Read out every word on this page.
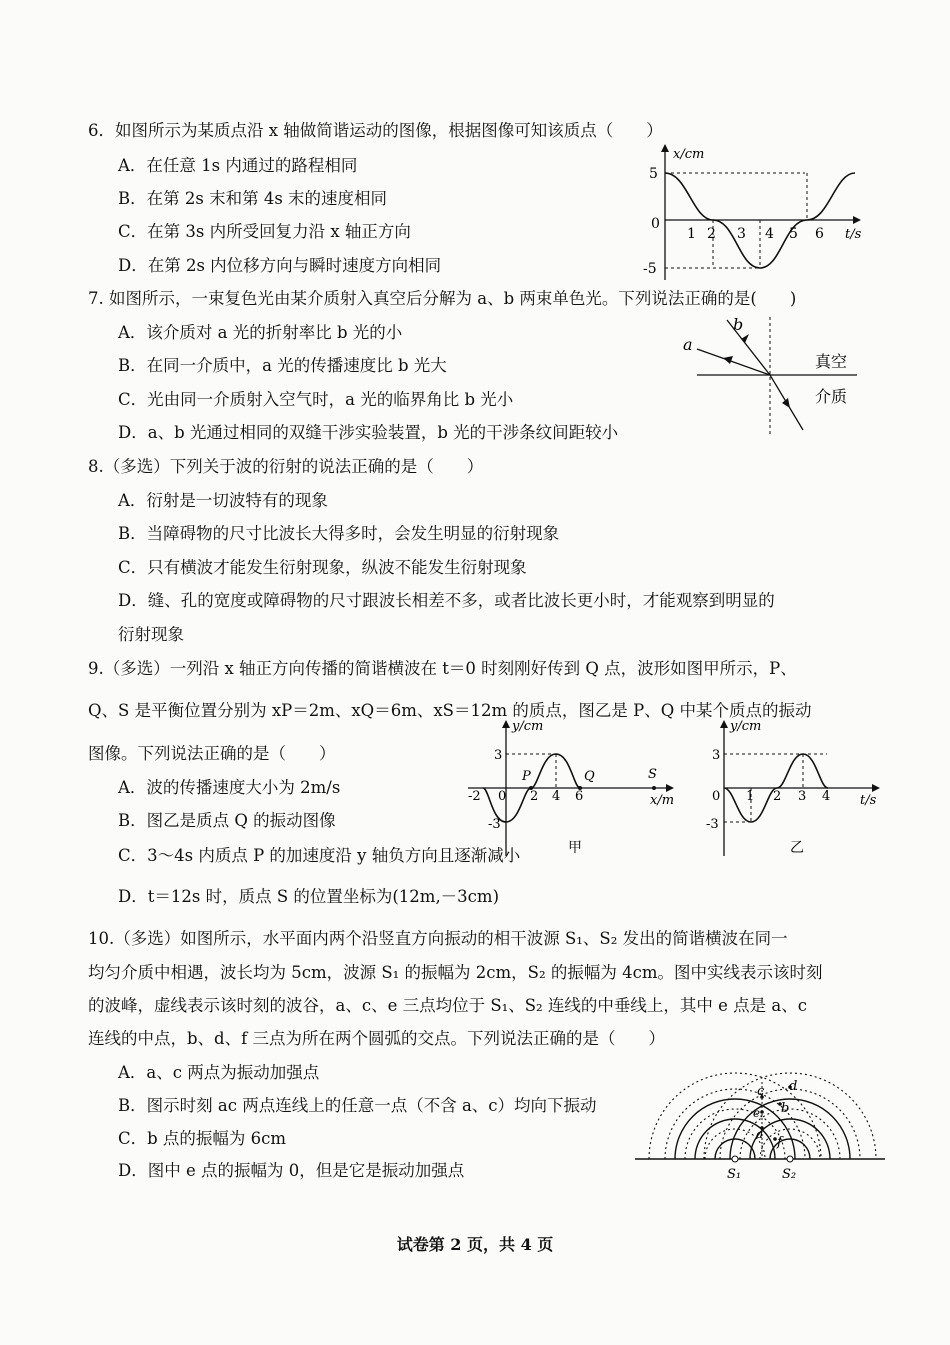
6．如图所示为某质点沿 x 轴做简谐运动的图像，根据图像可知该质点（　　）
A．在任意 1s 内通过的路程相同
B．在第 2s 末和第 4s 末的速度相同
C．在第 3s 内所受回复力沿 x 轴正方向
D．在第 2s 内位移方向与瞬时速度方向相同
x/cm
t/s
5
0
-5
1 2 3 4 5 6
7. 如图所示，一束复色光由某介质射入真空后分解为 a、b 两束单色光。下列说法正确的是(　　)
A．该介质对 a 光的折射率比 b 光的小
B．在同一介质中，a 光的传播速度比 b 光大
C．光由同一介质射入空气时，a 光的临界角比 b 光小
D．a、b 光通过相同的双缝干涉实验装置，b 光的干涉条纹间距较小
a
b
真空
介质
8.（多选）下列关于波的衍射的说法正确的是（　　）
A．衍射是一切波特有的现象
B．当障碍物的尺寸比波长大得多时，会发生明显的衍射现象
C．只有横波才能发生衍射现象，纵波不能发生衍射现象
D．缝、孔的宽度或障碍物的尺寸跟波长相差不多，或者比波长更小时，才能观察到明显的
衍射现象
9.（多选）一列沿 x 轴正方向传播的简谐横波在 t＝0 时刻刚好传到 Q 点，波形如图甲所示，P、
Q、S 是平衡位置分别为 xP＝2m、xQ＝6m、xS＝12m 的质点，图乙是 P、Q 中某个质点的振动
图像。下列说法正确的是（　　）
A．波的传播速度大小为 2m/s
B．图乙是质点 Q 的振动图像
C．3～4s 内质点 P 的加速度沿 y 轴负方向且逐渐减小
D．t＝12s 时，质点 S 的位置坐标为(12m,－3cm)
y/cm
x/m
3
-3
-2 0 2 4 6
P	Q	S
甲
y/cm
t/s
3
-3
0 1 2 3 4
乙
10.（多选）如图所示，水平面内两个沿竖直方向振动的相干波源 S₁、S₂ 发出的简谐横波在同一
均匀介质中相遇，波长均为 5cm，波源 S₁ 的振幅为 2cm，S₂ 的振幅为 4cm。图中实线表示该时刻
的波峰，虚线表示该时刻的波谷，a、c、e 三点均位于 S₁、S₂ 连线的中垂线上，其中 e 点是 a、c
连线的中点，b、d、f 三点为所在两个圆弧的交点。下列说法正确的是（　　）
A．a、c 两点为振动加强点
B．图示时刻 ac 两点连线上的任意一点（不含 a、c）均向下振动
C．b 点的振幅为 6cm
D．图中 e 点的振幅为 0，但是它是振动加强点
a
b
c d
e
f
S₁	S₂
试卷第 2 页，共 4 页
